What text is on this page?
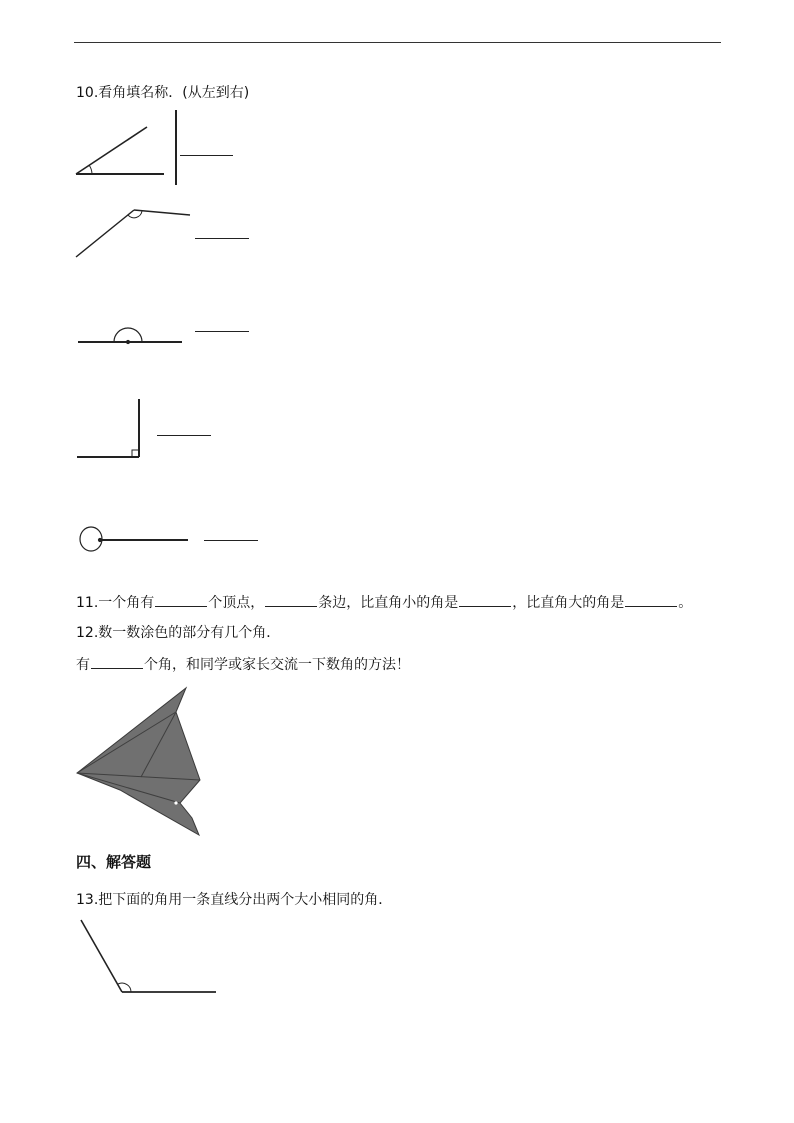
10.看角填名称．(从左到右)
11.一个角有	个顶点，	条边，比直角小的角是	，比直角大的角是	。
12.数一数涂色的部分有几个角．
有	个角，和同学或家长交流一下数角的方法！
四、解答题
13.把下面的角用一条直线分出两个大小相同的角．
